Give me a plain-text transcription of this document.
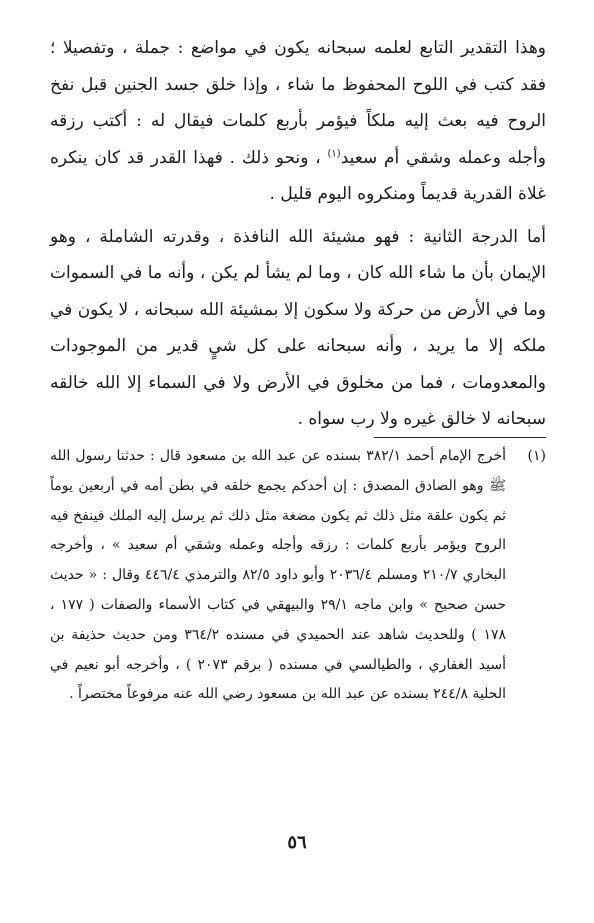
وهذا التقدير التابع لعلمه سبحانه يكون في مواضع : جملة ، وتفصيلا ؛ فقد كتب في اللوح المحفوظ ما شاء ، وإذا خلق جسد الجنين قبل نفخ الروح فيه بعث إليه ملكاً فيؤمر بأربع كلمات فيقال له : أكتب رزقه وأجله وعمله وشقي أم سعيد$^{(١)}$ ، ونحو ذلك . فهذا القدر قد كان ينكره غلاة القدرية قديماً ومنكروه اليوم قليل .

أما الدرجة الثانية : فهو مشيئة الله النافذة ، وقدرته الشاملة ، وهو الإيمان بأن ما شاء الله كان ، وما لم يشأ لم يكن ، وأنه ما في السموات وما في الأرض من حركة ولا سكون إلا بمشيئة الله سبحانه ، لا يكون في ملكه إلا ما يريد ، وأنه سبحانه على كل شيٍ قدير من الموجودات والمعدومات ، فما من مخلوق في الأرض ولا في السماء إلا الله خالقه سبحانه لا خالق غيره ولا رب سواه .

(١)

أخرج الإمام أحمد ٣٨٢/١ بسنده عن عبد الله بن مسعود قال : حدثنا رسول الله ﷺ وهو الصادق المصدق : إن أحدكم يجمع خلقه في بطن أمه في أربعين يوماً ثم يكون علقة مثل ذلك ثم يكون مضغة مثل ذلك ثم يرسل إليه الملك فينفخ فيه الروح ويؤمر بأربع كلمات : رزقه وأجله وعمله وشقي أم سعيد » ، وأخرجه البخاري ٢١٠/٧ ومسلم ٢٠٣٦/٤ وأبو داود ٨٢/٥ والترمذي ٤٤٦/٤ وقال : « حديث حسن صحيح » وابن ماجه ٢٩/١ والبيهقي في كتاب الأسماء والصفات ( ١٧٧ ، ١٧٨ ) وللحديث شاهد عند الحميدي في مسنده ٣٦٤/٢ ومن حديث حذيفة بن أسيد الغفاري ، والطيالسي في مسنده ( برقم ٢٠٧٣ ) ، وأخرجه أبو نعيم في الحلية ٢٤٤/٨ بسنده عن عبد الله بن مسعود رضي الله عنه مرفوعاً مختصراً .

٥٦
